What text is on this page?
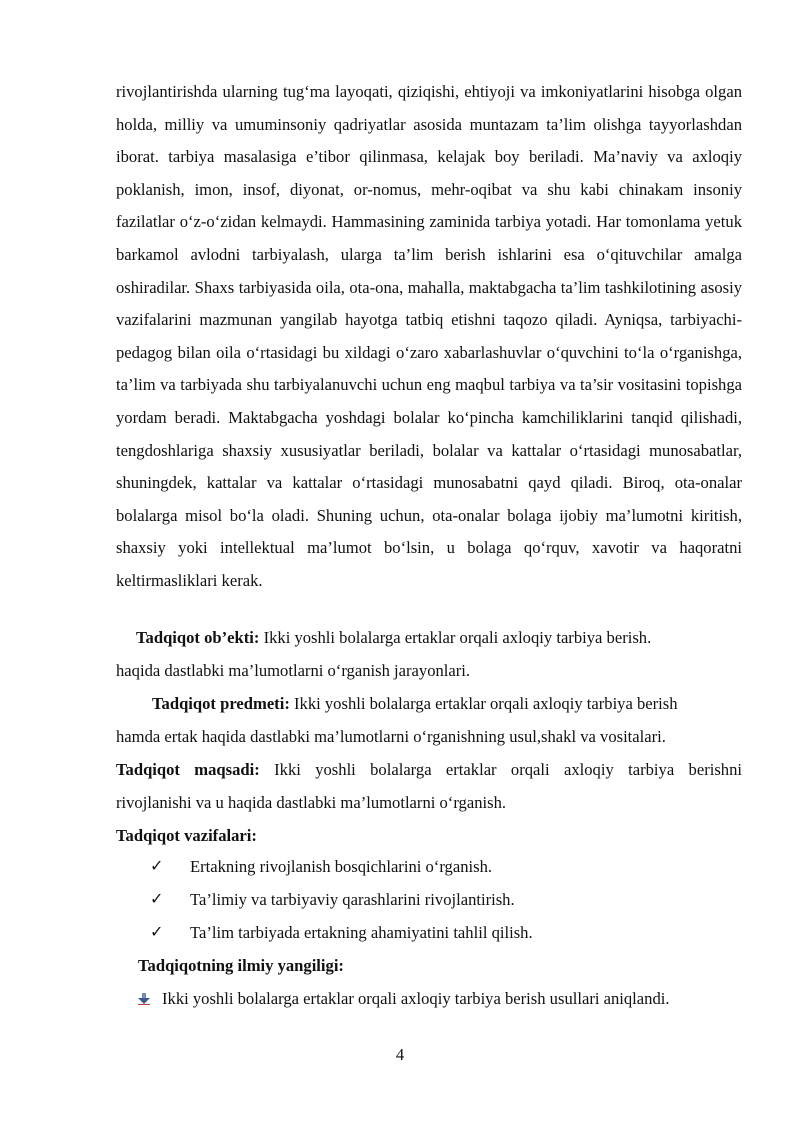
rivojlantirishda ularning tug‘ma layoqati, qiziqishi, ehtiyoji va imkoniyatlarini hisobga olgan holda, milliy va umuminsoniy qadriyatlar asosida muntazam ta’lim olishga tayyorlashdan iborat. tarbiya masalasiga e’tibor qilinmasa, kelajak boy beriladi. Ma’naviy va axloqiy poklanish, imon, insof, diyonat, or-nomus, mehr-oqibat va shu kabi chinakam insoniy fazilatlar o‘z-o‘zidan kelmaydi. Hammasining zaminida tarbiya yotadi. Har tomonlama yetuk barkamol avlodni tarbiyalash, ularga ta’lim berish ishlarini esa o‘qituvchilar amalga oshiradilar. Shaxs tarbiyasida oila, ota-ona, mahalla, maktabgacha ta’lim tashkilotining asosiy vazifalarini mazmunan yangilab hayotga tatbiq etishni taqozo qiladi. Ayniqsa, tarbiyachi-pedagog bilan oila o‘rtasidagi bu xildagi o‘zaro xabarlashuvlar o‘quvchini to‘la o‘rganishga, ta’lim va tarbiyada shu tarbiyalanuvchi uchun eng maqbul tarbiya va ta’sir vositasini topishga yordam beradi. Maktabgacha yoshdagi bolalar ko‘pincha kamchiliklarini tanqid qilishadi, tengdoshlariga shaxsiy xususiyatlar beriladi, bolalar va kattalar o‘rtasidagi munosabatlar, shuningdek, kattalar va kattalar o‘rtasidagi munosabatni qayd qiladi. Biroq, ota-onalar bolalarga misol bo‘la oladi. Shuning uchun, ota-onalar bolaga ijobiy ma’lumotni kiritish, shaxsiy yoki intellektual ma’lumot bo‘lsin, u bolaga qo‘rquv, xavotir va haqoratni keltirmasliklari kerak.

Tadqiqot ob’ekti: Ikki yoshli bolalarga ertaklar orqali axloqiy tarbiya berish.

haqida dastlabki ma’lumotlarni o‘rganish jarayonlari.

Tadqiqot predmeti: Ikki yoshli bolalarga ertaklar orqali axloqiy tarbiya berish

hamda ertak haqida dastlabki ma’lumotlarni o‘rganishning usul,shakl va vositalari.

Tadqiqot maqsadi: Ikki yoshli bolalarga ertaklar orqali axloqiy tarbiya berishni

rivojlanishi va u haqida dastlabki ma’lumotlarni o‘rganish.

Tadqiqot vazifalari:

✓ Ertakning rivojlanish bosqichlarini o‘rganish.

✓ Ta’limiy va tarbiyaviy qarashlarini rivojlantirish.

✓ Ta’lim tarbiyada ertakning ahamiyatini tahlil qilish.

Tadqiqotning ilmiy yangiligi:

Ikki yoshli bolalarga ertaklar orqali axloqiy tarbiya berish usullari aniqlandi.

4
